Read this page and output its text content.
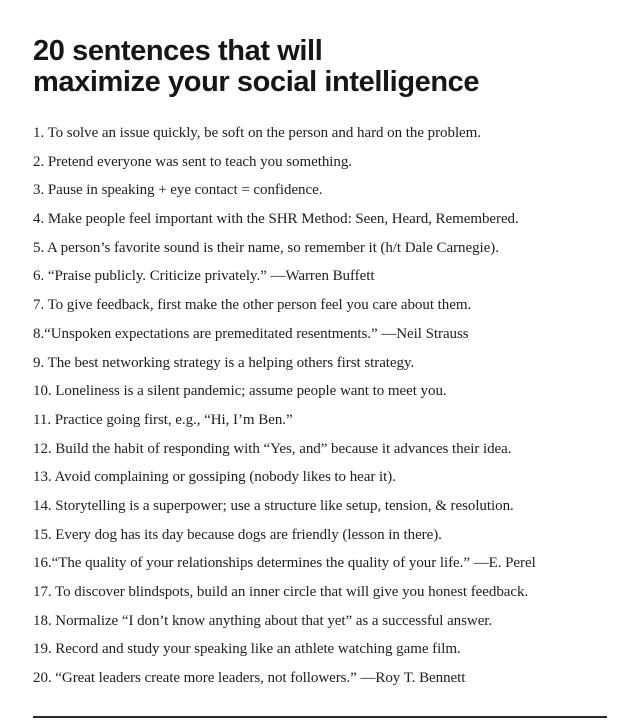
20 sentences that will
maximize your social intelligence
1. To solve an issue quickly, be soft on the person and hard on the problem.
2. Pretend everyone was sent to teach you something.
3. Pause in speaking + eye contact = confidence.
4. Make people feel important with the SHR Method: Seen, Heard, Remembered.
5. A person’s favorite sound is their name, so remember it (h/t Dale Carnegie).
6. “Praise publicly. Criticize privately.” —Warren Buffett
7. To give feedback, first make the other person feel you care about them.
8.“Unspoken expectations are premeditated resentments.” —Neil Strauss
9. The best networking strategy is a helping others first strategy.
10. Loneliness is a silent pandemic; assume people want to meet you.
11. Practice going first, e.g., “Hi, I’m Ben.”
12. Build the habit of responding with “Yes, and” because it advances their idea.
13. Avoid complaining or gossiping (nobody likes to hear it).
14. Storytelling is a superpower; use a structure like setup, tension, & resolution.
15. Every dog has its day because dogs are friendly (lesson in there).
16.“The quality of your relationships determines the quality of your life.” —E. Perel
17. To discover blindspots, build an inner circle that will give you honest feedback.
18. Normalize “I don’t know anything about that yet” as a successful answer.
19. Record and study your speaking like an athlete watching game film.
20. “Great leaders create more leaders, not followers.” —Roy T. Bennett
